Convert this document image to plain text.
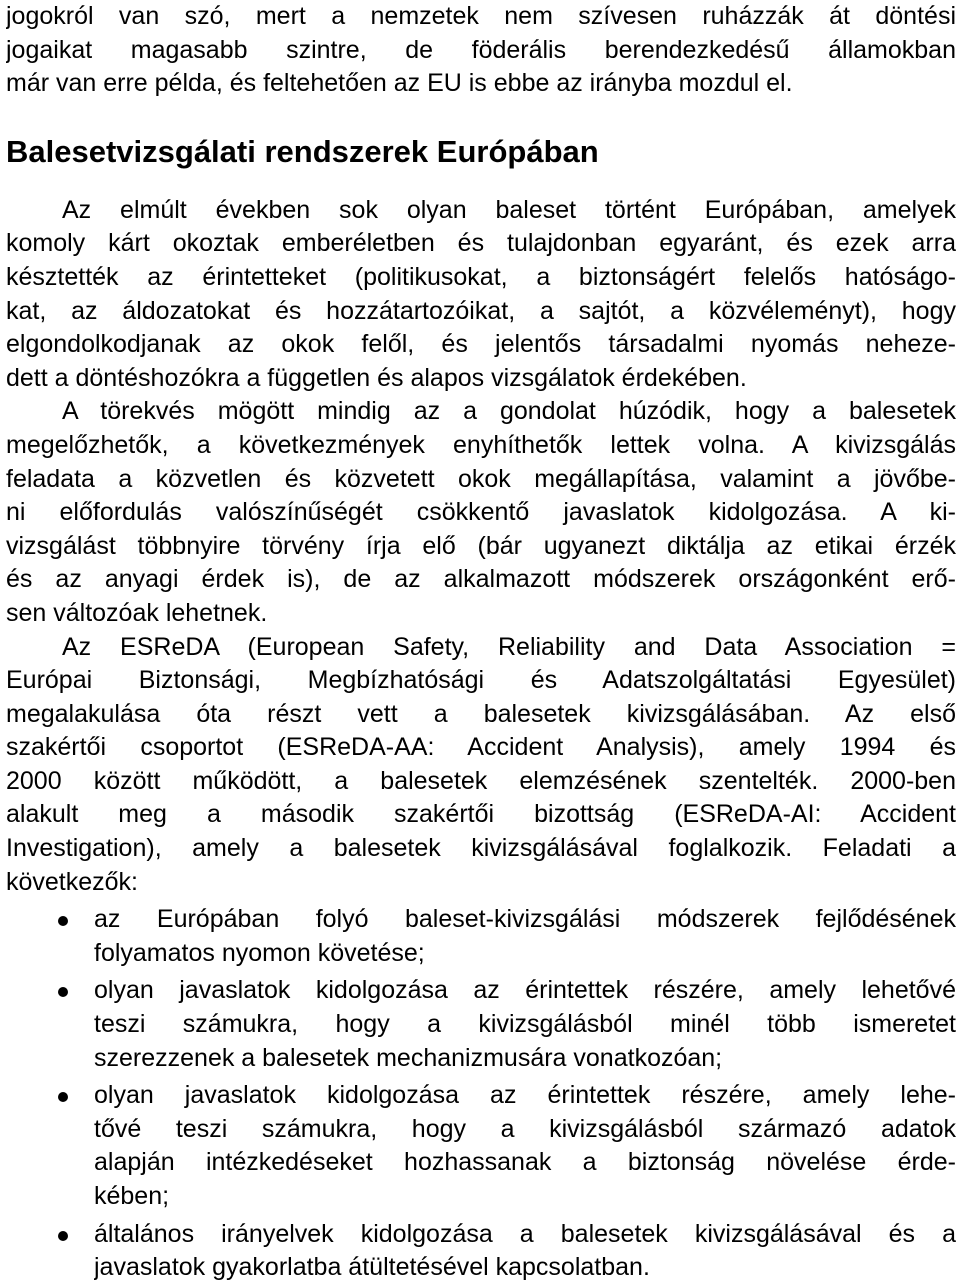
jogokról van szó, mert a nemzetek nem szívesen ruházzák át döntési
jogaikat magasabb szintre, de föderális berendezkedésű államokban
már van erre példa, és feltehetően az EU is ebbe az irányba mozdul el.
Balesetvizsgálati rendszerek Európában
Az elmúlt években sok olyan baleset történt Európában, amelyek
komoly kárt okoztak emberéletben és tulajdonban egyaránt, és ezek arra
késztették az érintetteket (politikusokat, a biztonságért felelős hatóságo-
kat, az áldozatokat és hozzátartozóikat, a sajtót, a közvéleményt), hogy
elgondolkodjanak az okok felől, és jelentős társadalmi nyomás neheze-
dett a döntéshozókra a független és alapos vizsgálatok érdekében.
A törekvés mögött mindig az a gondolat húzódik, hogy a balesetek
megelőzhetők, a következmények enyhíthetők lettek volna. A kivizsgálás
feladata a közvetlen és közvetett okok megállapítása, valamint a jövőbe-
ni előfordulás valószínűségét csökkentő javaslatok kidolgozása. A ki-
vizsgálást többnyire törvény írja elő (bár ugyanezt diktálja az etikai érzék
és az anyagi érdek is), de az alkalmazott módszerek országonként erő-
sen változóak lehetnek.
Az ESReDA (European Safety, Reliability and Data Association =
Európai Biztonsági, Megbízhatósági és Adatszolgáltatási Egyesület)
megalakulása óta részt vett a balesetek kivizsgálásában. Az első
szakértői csoportot (ESReDA-AA: Accident Analysis), amely 1994 és
2000 között működött, a balesetek elemzésének szentelték. 2000-ben
alakult meg a második szakértői bizottság (ESReDA-AI: Accident
Investigation), amely a balesetek kivizsgálásával foglalkozik. Feladati a
következők:
az Európában folyó baleset-kivizsgálási módszerek fejlődésének
folyamatos nyomon követése;
olyan javaslatok kidolgozása az érintettek részére, amely lehetővé
teszi számukra, hogy a kivizsgálásból minél több ismeretet
szerezzenek a balesetek mechanizmusára vonatkozóan;
olyan javaslatok kidolgozása az érintettek részére, amely lehe-
tővé teszi számukra, hogy a kivizsgálásból származó adatok
alapján intézkedéseket hozhassanak a biztonság növelése érde-
kében;
általános irányelvek kidolgozása a balesetek kivizsgálásával és a
javaslatok gyakorlatba átültetésével kapcsolatban.
